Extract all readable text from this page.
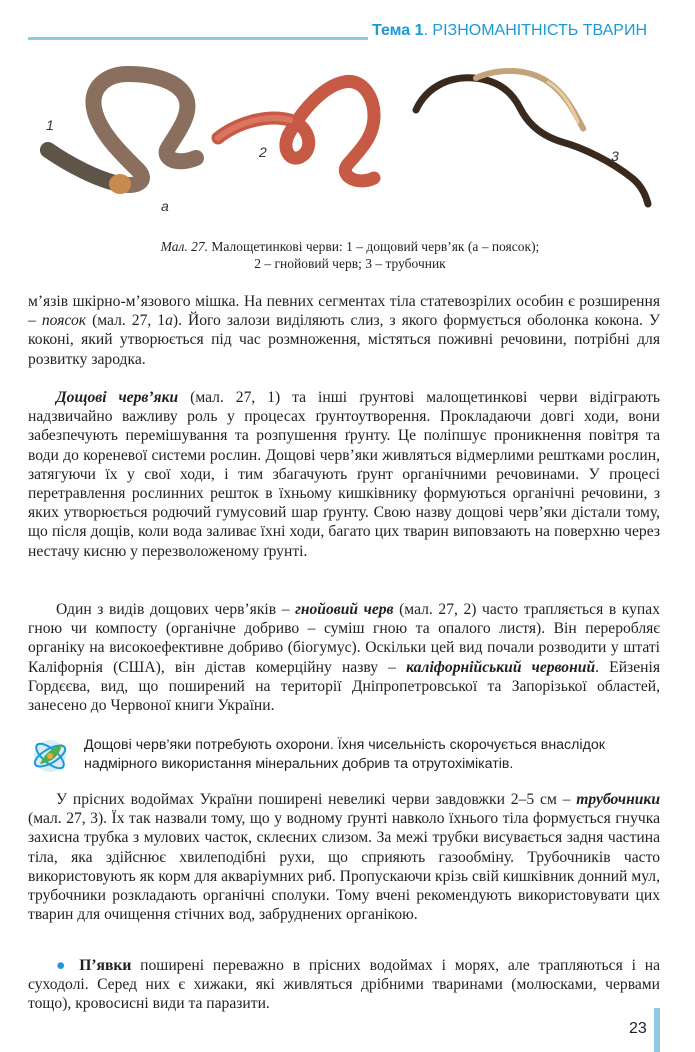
Тема 1. РІЗНОМАНІТНІСТЬ ТВАРИН
1
a
2	3
Мал. 27. Малощетинкові черви: 1 – дощовий черв’як (a – поясок);
2 – гнойовий черв; 3 – трубочник

м’язів шкірно-м’язового мішка. На певних сегментах тіла статевозрілих особин є розширення – поясок (мал. 27, 1а). Його залози виділяють слиз, з якого формується оболонка кокона. У коконі, який утворюється під час розмноження, містяться поживні речовини, потрібні для розвитку зародка.

Дощові черв’яки (мал. 27, 1) та інші ґрунтові малощетинкові черви відіграють надзвичайно важливу роль у процесах ґрунтоутворення. Прокладаючи довгі ходи, вони забезпечують перемішування та розпушення ґрунту. Це поліпшує проникнення повітря та води до кореневої системи рослин. Дощові черв’яки живляться відмерлими рештками рослин, затягуючи їх у свої ходи, і тим збагачують ґрунт органічними речовинами. У процесі перетравлення рослинних решток в їхньому кишківнику формуються органічні речовини, з яких утворюється родючий гумусовий шар ґрунту. Свою назву дощові черв’яки дістали тому, що після дощів, коли вода заливає їхні ходи, багато цих тварин виповзають на поверхню через нестачу кисню у перезволоженому ґрунті.

Один з видів дощових черв’яків – гнойовий черв (мал. 27, 2) часто трапляється в купах гною чи компосту (органічне добриво – суміш гною та опалого листя). Він переробляє органіку на високоефективне добриво (біогумус). Оскільки цей вид почали розводити у штаті Каліфорнія (США), він дістав комерційну назву – каліфорнійський червоний. Ейзенія Гордєєва, вид, що поширений на території Дніпропетровської та Запорізької областей, занесено до Червоної книги України.

Дощові черв’яки потребують охорони. Їхня чисельність скорочується внаслідок надмірного використання мінеральних добрив та отрутохімікатів.

У прісних водоймах України поширені невеликі черви завдовжки 2–5 см – трубочники (мал. 27, 3). Їх так назвали тому, що у водному ґрунті навколо їхнього тіла формується гнучка захисна трубка з мулових часток, склеєних слизом. За межі трубки висувається задня частина тіла, яка здійснює хвилеподібні рухи, що сприяють газообміну. Трубочників часто використовують як корм для акваріумних риб. Пропускаючи крізь свій кишківник донний мул, трубочники розкладають органічні сполуки. Тому вчені рекомендують використовувати цих тварин для очищення стічних вод, забруднених органікою.

● П’явки поширені переважно в прісних водоймах і морях, але трапляються і на суходолі. Серед них є хижаки, які живляться дрібними тваринами (молюсками, червами тощо), кровосисні види та паразити.

23
